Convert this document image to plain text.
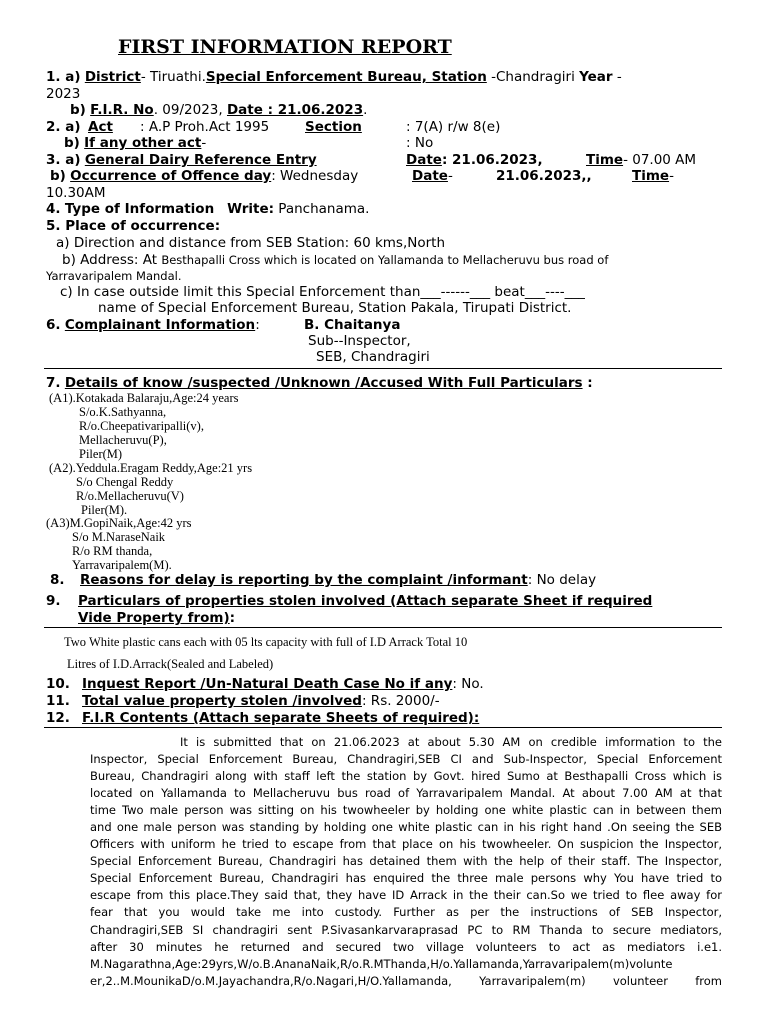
FIRST INFORMATION REPORT
1. a) District- Tiruathi.Special Enforcement Bureau, Station -Chandragiri Year -
2023
b) F.I.R. No. 09/2023, Date : 21.06.2023.
2. a) Act : A.P Proh.Act 1995	Section	: 7(A) r/w 8(e)
b) If any other act-	: No
3. a) General Dairy Reference Entry	Date: 21.06.2023,	Time- 07.00 AM
b) Occurrence of Offence day: Wednesday	Date-	21.06.2023,,	Time-
10.30AM
4. Type of Information Write: Panchanama.
5. Place of occurrence:
a) Direction and distance from SEB Station: 60 kms,North
b) Address: At Besthapalli Cross which is located on Yallamanda to Mellacheruvu bus road of
Yarravaripalem Mandal.
c) In case outside limit this Special Enforcement than___------___ beat___----___
name of Special Enforcement Bureau, Station Pakala, Tirupati District.
6. Complainant Information:	B. Chaitanya
Sub--Inspector,
SEB, Chandragiri
7. Details of know /suspected /Unknown /Accused With Full Particulars :
(A1).Kotakada Balaraju,Age:24 years
S/o.K.Sathyanna,
R/o.Cheepativaripalli(v),
Mellacheruvu(P),
Piler(M)
(A2).Yeddula.Eragam Reddy,Age:21 yrs
S/o Chengal Reddy
R/o.Mellacheruvu(V)
Piler(M).
(A3)M.GopiNaik,Age:42 yrs
S/o M.NaraseNaik
R/o RM thanda,
Yarravaripalem(M).
8. Reasons for delay is reporting by the complaint /informant: No delay
9. Particulars of properties stolen involved (Attach separate Sheet if required
Vide Property from):
Two White plastic cans each with 05 lts capacity with full of I.D Arrack Total 10
Litres of I.D.Arrack(Sealed and Labeled)
10. Inquest Report /Un-Natural Death Case No if any: No.
11. Total value property stolen /involved: Rs. 2000/-
12. F.I.R Contents (Attach separate Sheets of required):
It is submitted that on 21.06.2023 at about 5.30 AM on credible imformation to the
Inspector, Special Enforcement Bureau, Chandragiri,SEB CI and Sub-Inspector, Special Enforcement
Bureau, Chandragiri along with staff left the station by Govt. hired Sumo at Besthapalli Cross which is
located on Yallamanda to Mellacheruvu bus road of Yarravaripalem Mandal. At about 7.00 AM at that
time Two male person was sitting on his twowheeler by holding one white plastic can in between them
and one male person was standing by holding one white plastic can in his right hand .On seeing the SEB
Officers with uniform he tried to escape from that place on his twowheeler. On suspicion the Inspector,
Special Enforcement Bureau, Chandragiri has detained them with the help of their staff. The Inspector,
Special Enforcement Bureau, Chandragiri has enquired the three male persons why You have tried to
escape from this place.They said that, they have ID Arrack in the their can.So we tried to flee away for
fear that you would take me into custody. Further as per the instructions of SEB Inspector,
Chandragiri,SEB SI chandragiri sent P.Sivasankarvaraprasad PC to RM Thanda to secure mediators,
after 30 minutes he returned and secured two village volunteers to act as mediators i.e1.
M.Nagarathna,Age:29yrs,W/o.B.AnanaNaik,R/o.R.MThanda,H/o.Yallamanda,Yarravaripalem(m)volunte
er,2..M.MounikaD/o.M.Jayachandra,R/o.Nagari,H/O.Yallamanda, Yarravaripalem(m) volunteer from
